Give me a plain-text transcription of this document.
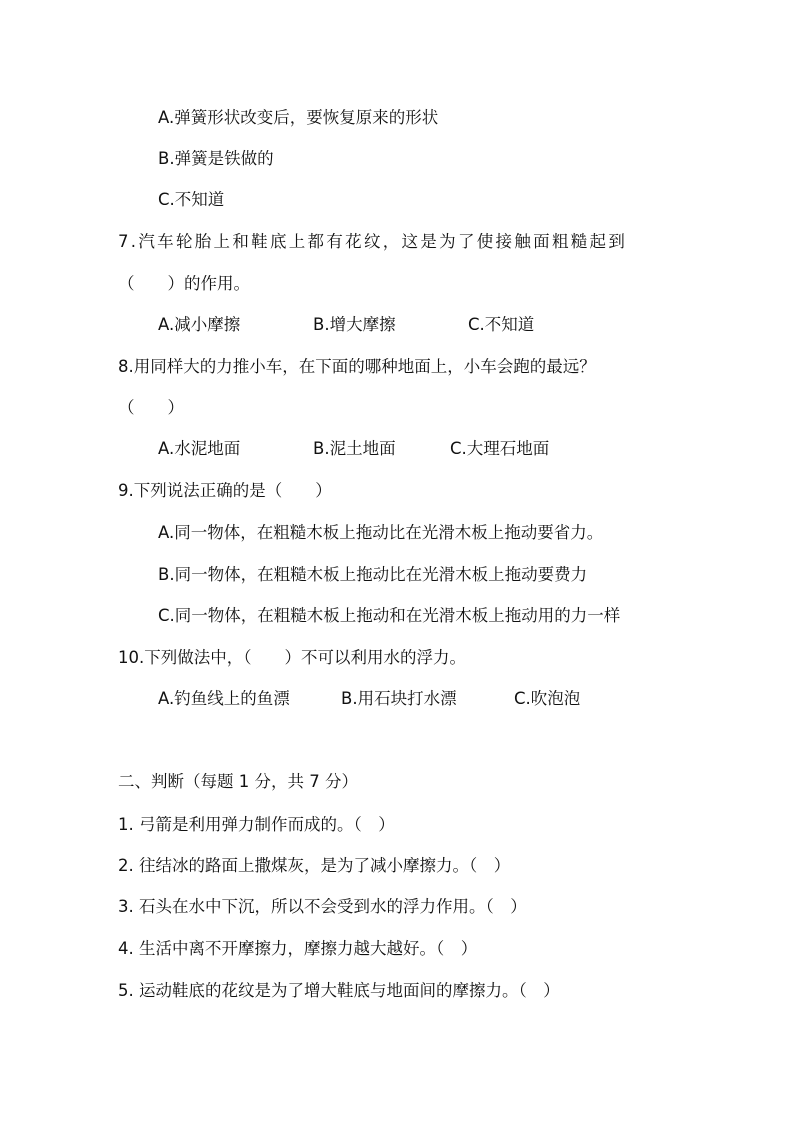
A.弹簧形状改变后，要恢复原来的形状
B.弹簧是铁做的
C.不知道
7.汽车轮胎上和鞋底上都有花纹，这是为了使接触面粗糙起到
（　　）的作用。
A.减小摩擦	B.增大摩擦	C.不知道
8.用同样大的力推小车，在下面的哪种地面上，小车会跑的最远？
（　　）
A.水泥地面	B.泥土地面	C.大理石地面
9.下列说法正确的是（　　）
A.同一物体，在粗糙木板上拖动比在光滑木板上拖动要省力。
B.同一物体，在粗糙木板上拖动比在光滑木板上拖动要费力
C.同一物体，在粗糙木板上拖动和在光滑木板上拖动用的力一样
10.下列做法中，（　　）不可以利用水的浮力。
A.钓鱼线上的鱼漂	B.用石块打水漂	C.吹泡泡
二、判断（每题 1 分，共 7 分）
1. 弓箭是利用弹力制作而成的。（　）
2. 往结冰的路面上撒煤灰，是为了减小摩擦力。（　）
3. 石头在水中下沉，所以不会受到水的浮力作用。（　）
4. 生活中离不开摩擦力，摩擦力越大越好。（　）
5. 运动鞋底的花纹是为了增大鞋底与地面间的摩擦力。（　）
